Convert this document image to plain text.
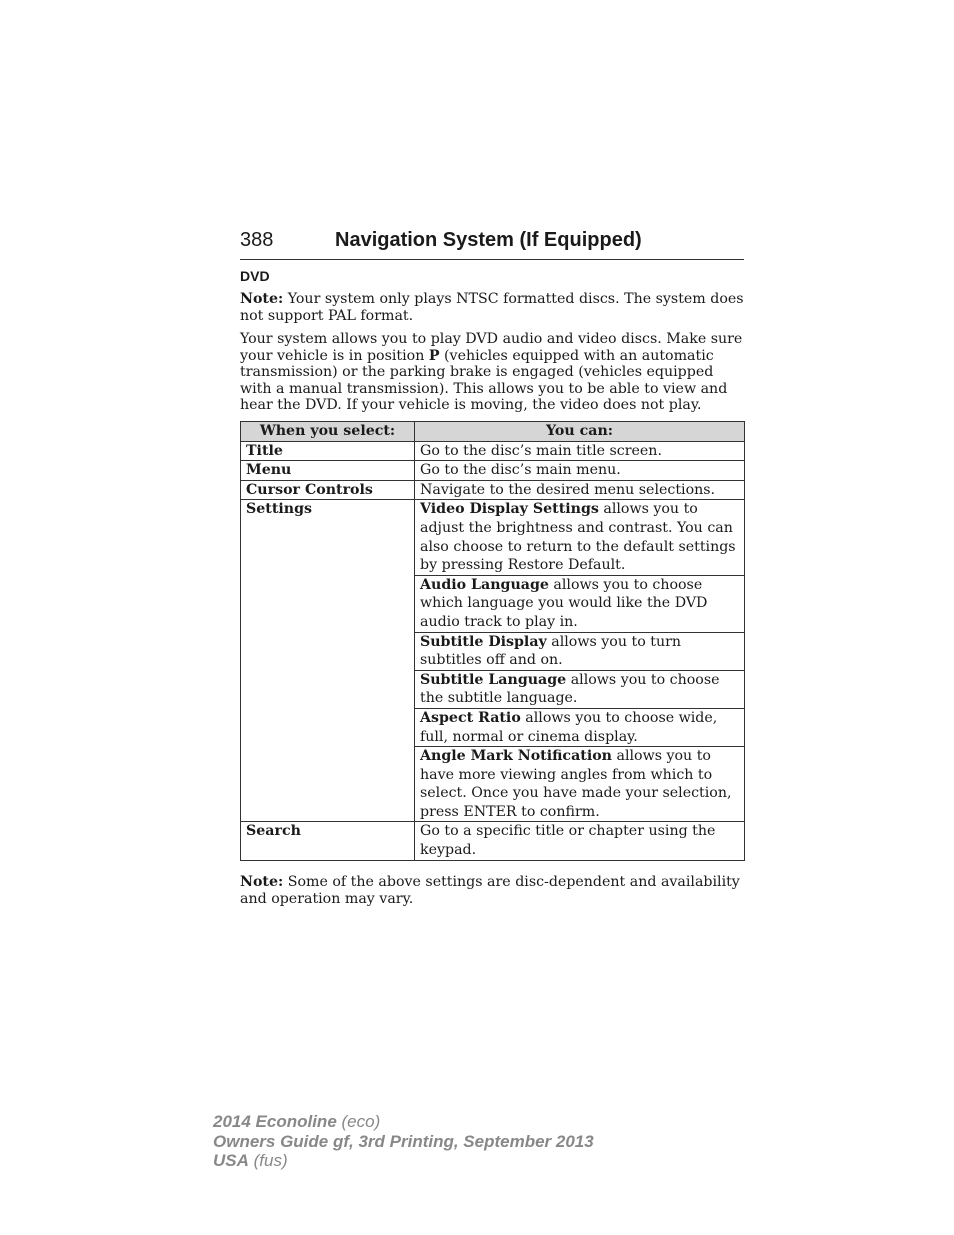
388	Navigation System (If Equipped)
DVD

Note: Your system only plays NTSC formatted discs. The system does not support PAL format.

Your system allows you to play DVD audio and video discs. Make sure your vehicle is in position P (vehicles equipped with an automatic transmission) or the parking brake is engaged (vehicles equipped with a manual transmission). This allows you to be able to view and hear the DVD. If your vehicle is moving, the video does not play.

When you select:	You can:
Title	Go to the disc’s main title screen.
Menu	Go to the disc’s main menu.
Cursor Controls	Navigate to the desired menu selections.
Settings	Video Display Settings allows you to adjust the brightness and contrast. You can also choose to return to the default settings by pressing Restore Default.
	Audio Language allows you to choose which language you would like the DVD audio track to play in.
	Subtitle Display allows you to turn subtitles off and on.
	Subtitle Language allows you to choose the subtitle language.
	Aspect Ratio allows you to choose wide, full, normal or cinema display.
	Angle Mark Notification allows you to have more viewing angles from which to select. Once you have made your selection, press ENTER to confirm.
Search	Go to a specific title or chapter using the keypad.

Note: Some of the above settings are disc-dependent and availability and operation may vary.

2014 Econoline (eco)
Owners Guide gf, 3rd Printing, September 2013
USA (fus)
